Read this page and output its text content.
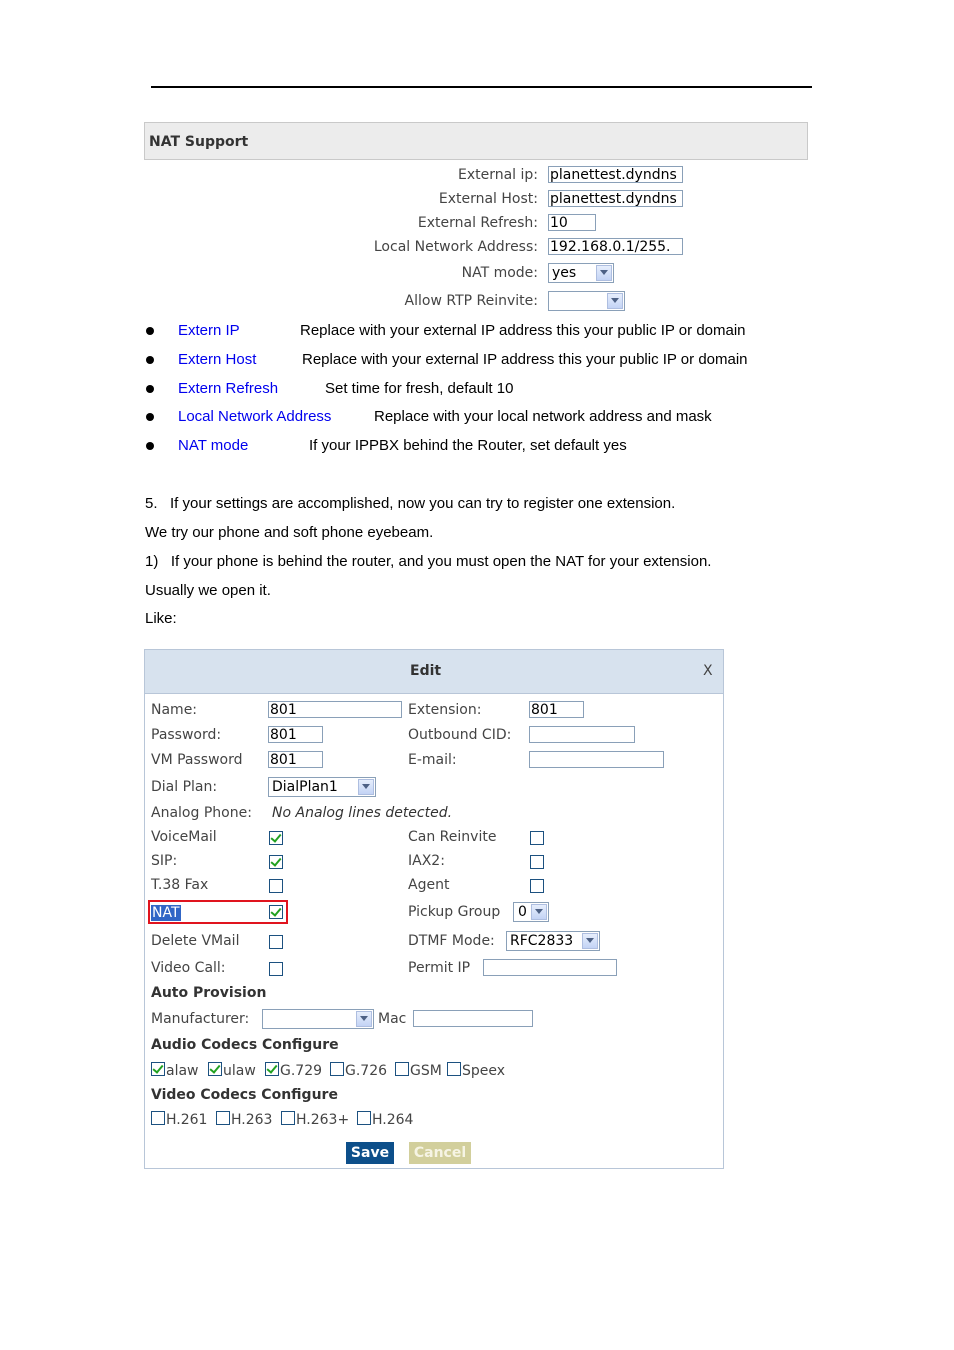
NAT Support
External ip: planettest.dyndns
External Host: planettest.dyndns
External Refresh: 10
Local Network Address: 192.168.0.1/255.
NAT mode: yes
Allow RTP Reinvite:
Extern IP	Replace with your external IP address this your public IP or domain
Extern Host	Replace with your external IP address this your public IP or domain
Extern Refresh	Set time for fresh, default 10
Local Network Address	Replace with your local network address and mask
NAT mode	If your IPPBX behind the Router, set default yes
5.   If your settings are accomplished, now you can try to register one extension.
We try our phone and soft phone eyebeam.
1)   If your phone is behind the router, and you must open the NAT for your extension.
Usually we open it.
Like:
Edit	X
Name:	801	Extension:	801
Password:	801	Outbound CID:
VM Password 801	E-mail:
Dial Plan:	DialPlan1
Analog Phone: No Analog lines detected.
VoiceMail	Can Reinvite
SIP:	IAX2:
T.38 Fax	Agent
NAT	Pickup Group	0
Delete VMail	DTMF Mode: RFC2833
Video Call:	Permit IP
Auto Provision
Manufacturer:	Mac
Audio Codecs Configure
alaw ulaw G.729 G.726 GSM Speex
Video Codecs Configure
H.261 H.263 H.263+ H.264
Save	Cancel
